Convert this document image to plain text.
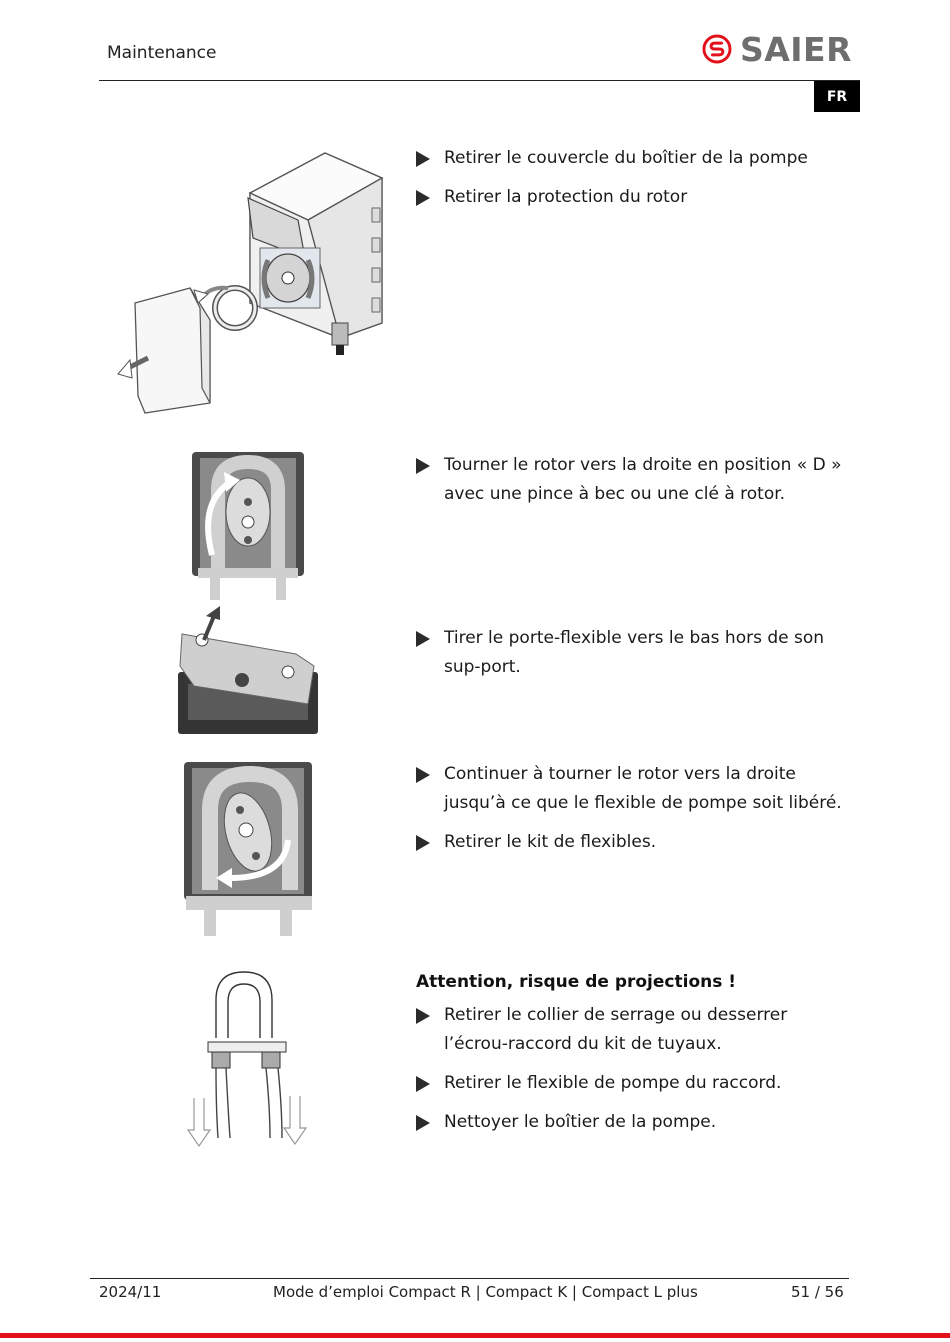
Maintenance	SAIER
FR
Retirer le couvercle du boîtier de la pompe
Retirer la protection du rotor
Tourner le rotor vers la droite en position « D » avec une pince à bec ou une clé à rotor.
Tirer le porte-flexible vers le bas hors de son sup-port.
Continuer à tourner le rotor vers la droite jusqu’à ce que le flexible de pompe soit libéré.
Retirer le kit de flexibles.
Attention, risque de projections !
Retirer le collier de serrage ou desserrer l’écrou-raccord du kit de tuyaux.
Retirer le flexible de pompe du raccord.
Nettoyer le boîtier de la pompe.
2024/11	Mode d’emploi Compact R | Compact K | Compact L plus	51 / 56
